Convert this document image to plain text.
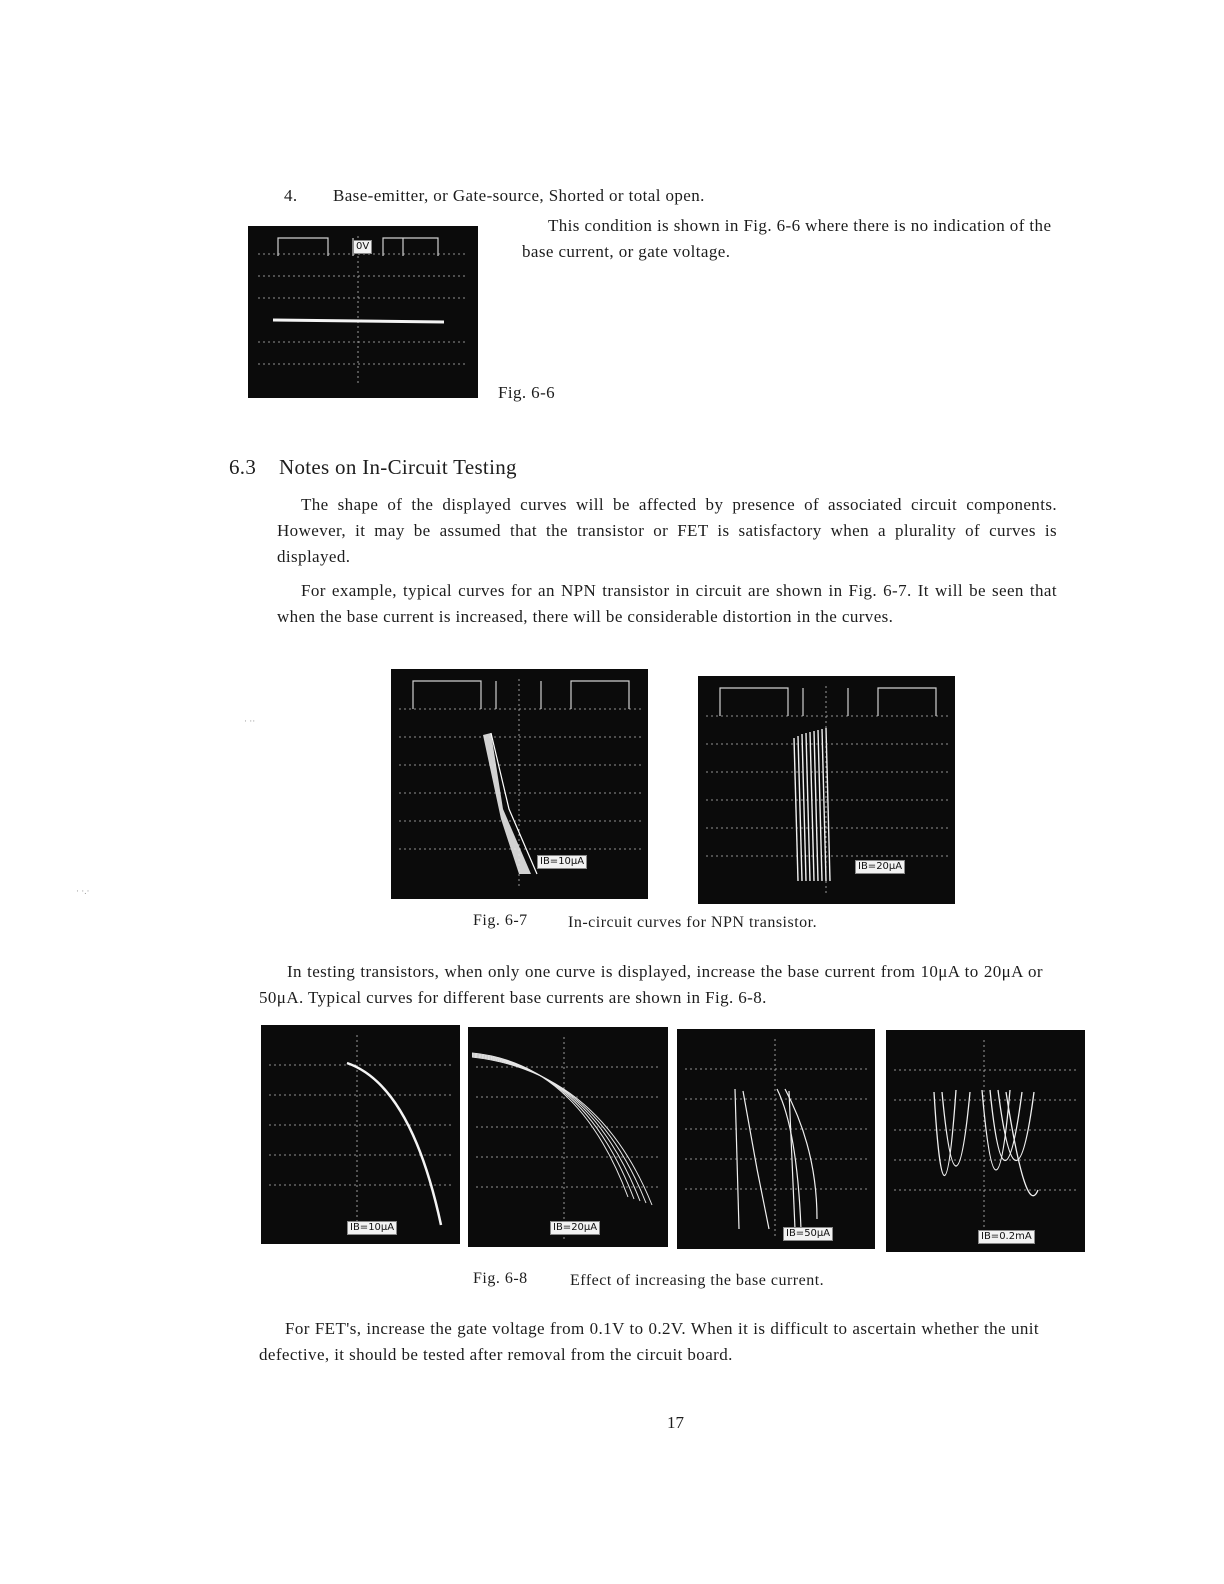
4. Base-emitter, or Gate-source, Shorted or total open.
This condition is shown in Fig. 6-6 where there is no indication of the base current, or gate voltage.
0V
Fig. 6-6
6.3 Notes on In-Circuit Testing
The shape of the displayed curves will be affected by presence of associated circuit components. However, it may be assumed that the transistor or FET is satisfactory when a plurality of curves is displayed.
For example, typical curves for an NPN transistor in circuit are shown in Fig. 6-7. It will be seen that when the base current is increased, there will be considerable distortion in the curves.
IB=10μA	IB=20μA
Fig. 6-7	In-circuit curves for NPN transistor.
In testing transistors, when only one curve is displayed, increase the base current from 10μA to 20μA or 50μA. Typical curves for different base currents are shown in Fig. 6-8.
IB=10μA	IB=20μA
IB=50μA	IB=0.2mA
Fig. 6-8	Effect of increasing the base current.
For FET's, increase the gate voltage from 0.1V to 0.2V. When it is difficult to ascertain whether the unit defective, it should be tested after removal from the circuit board.
17
· ··
· ·.·
